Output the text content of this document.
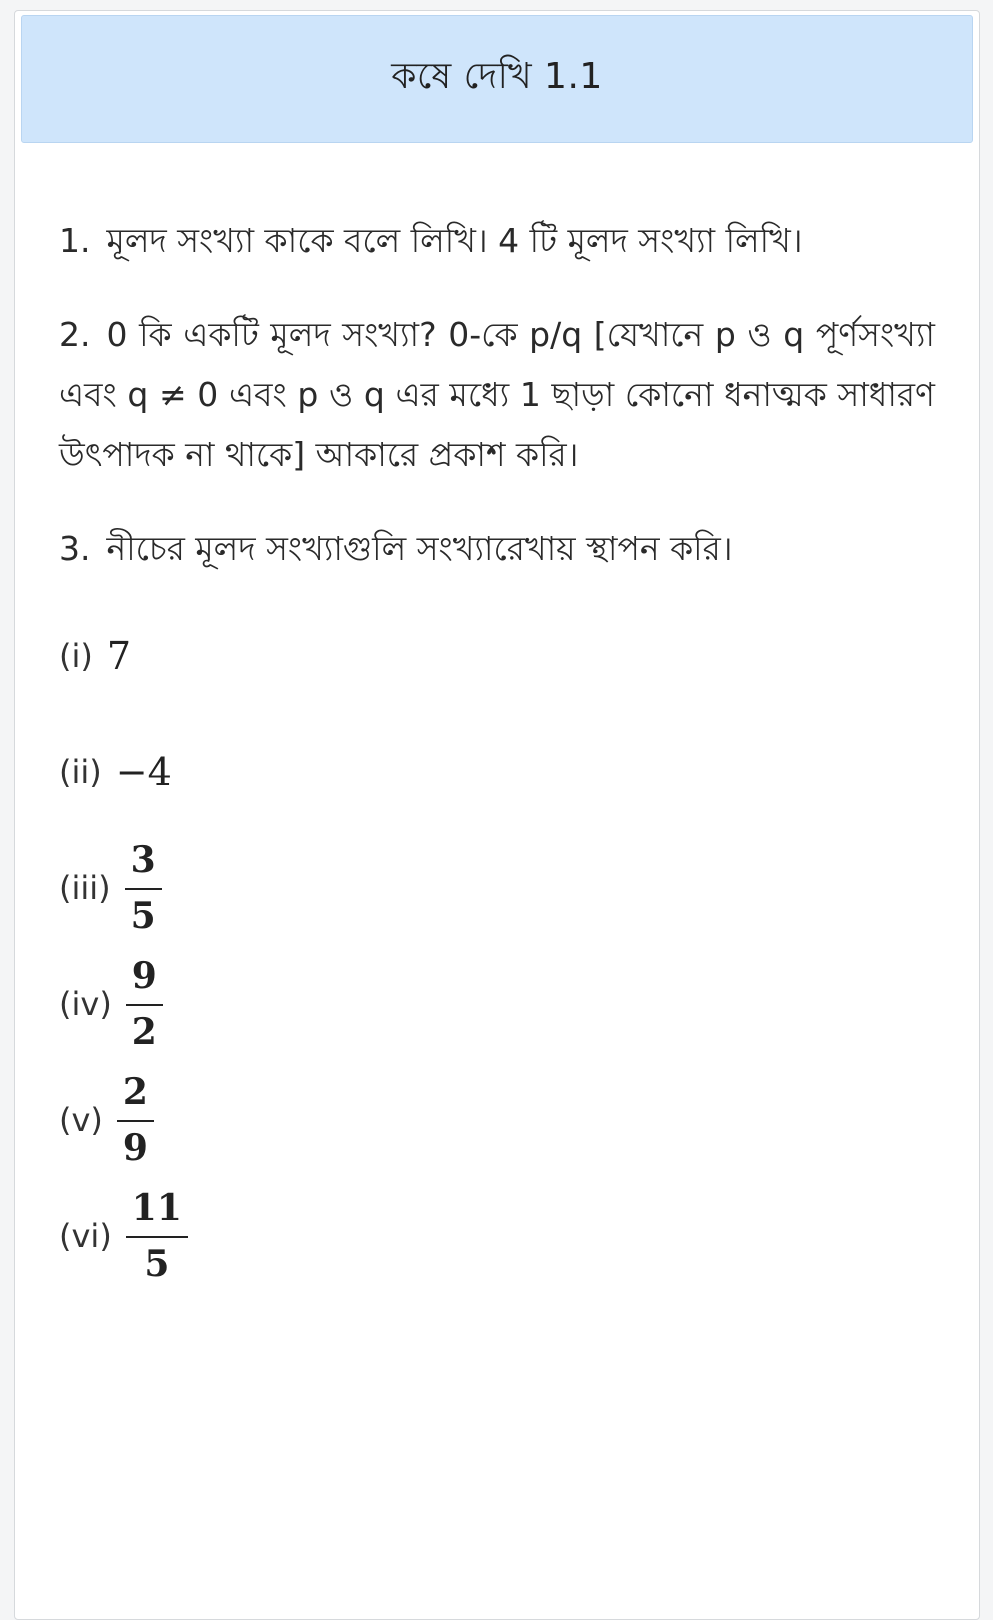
কষে দেখি 1.1

1. মূলদ সংখ্যা কাকে বলে লিখি। 4 টি মূলদ সংখ্যা লিখি।

2. 0 কি একটি মূলদ সংখ্যা? 0-কে p/q [যেখানে p ও q পূর্ণসংখ্যা এবং q ≠ 0 এবং p ও q এর মধ্যে 1 ছাড়া কোনো ধনাত্মক সাধারণ উৎপাদক না থাকে] আকারে প্রকাশ করি।

3. নীচের মূলদ সংখ্যাগুলি সংখ্যারেখায় স্থাপন করি।

(i) 7
(ii) −4
$(iii) \frac{3}{5}$
$(iv) \frac{9}{2}$
$(v) \frac{2}{9}$
$(vi) \frac{11}{5}$
